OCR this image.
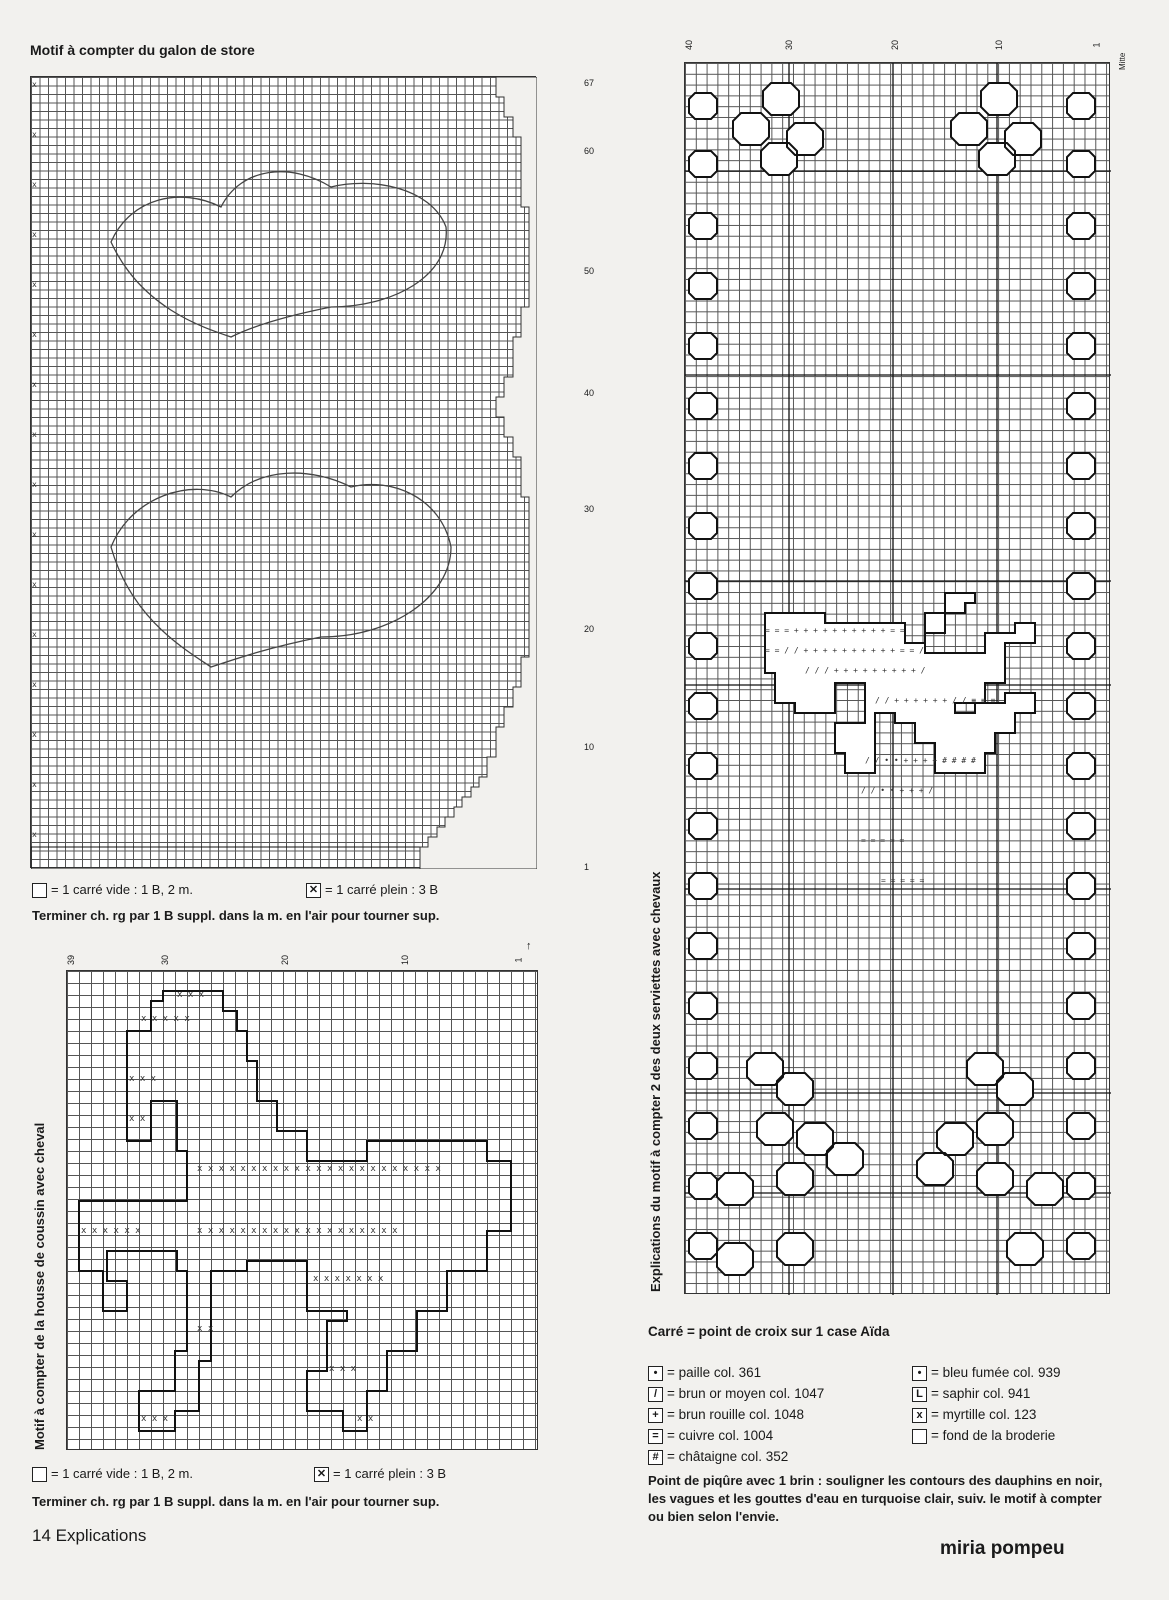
Motif à compter du galon de store
x
x
x
x
x
x
x
x
x
x
x
x
x
x
x
x
= 1 carré vide : 1 B, 2 m.	✕ = 1 carré plein : 3 B
Terminer ch. rg par 1 B suppl. dans la m. en l'air pour tourner sup.
Motif à compter de la housse de coussin avec cheval
39	30	20	10	1
x x x
x x x x x
x x x
x x
x x x x x x x x x x x x x x x x x x x x x x x
x x x x x x	x x x x x x x x x x x x x x x x x x x
x x x x x x x
x x
x x x
x x x	x x
↑
= 1 carré vide : 1 B, 2 m.	✕ = 1 carré plein : 3 B
Terminer ch. rg par 1 B suppl. dans la m. en l'air pour tourner sup.
Explications du motif à compter 2 des deux serviettes avec chevaux
40	30	20	10	1
Mitte
67
60
50
40
30
20
10
1
= = = + + + + + + + + + + = =
= = / / + + + + + + + + + + = = /
/ / / + + + + + + + + + /
/ / + + + + + + / / ≡ ≡ ≡
/ / • • + + + + # # # #
/ / • • + + + /
= = = = =
= = = = =
Carré = point de croix sur 1 case Aïda
• = paille col. 361
/ = brun or moyen col. 1047
+ = brun rouille col. 1048
= = cuivre col. 1004
# = châtaigne col. 352
• = bleu fumée col. 939
L = saphir col. 941
x = myrtille col. 123
= fond de la broderie
Point de piqûre avec 1 brin : souligner les contours des dauphins en noir, les vagues et les gouttes d'eau en turquoise clair, suiv. le motif à compter ou bien selon l'envie.
14 Explications
miria pompeu
